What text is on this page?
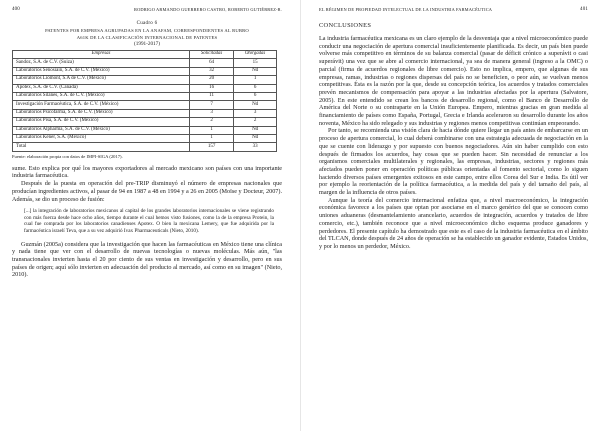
400	RODRIGO ARMANDO GUERRERO CASTRO, ROBERTO GUTIÉRREZ-R.
Cuadro 6
PATENTES POR EMPRESA AGRUPADAS EN LA ANAFAM, CORRESPONDIENTES AL RUBRO
A61K DE LA CLASIFICACIÓN INTERNACIONAL DE PATENTES
(1991-2017)
Empresas	Solicitadas	Otorgadas
Sandoz, S.A. de C.V. (Suiza)	64	15
Laboratorios Senosiain, S.A. de C.V. (México)	32	Nd
Laboratorios Liomont, S.A de C.V. (México)	20	1
Apotex, S.A. de C.V. (Canadá)	16	6
Laboratorios Silanes, S.A. de C.V. (México)	11	6
Investigación Farmacéutica, S.A. de C.V. (México)	7	Nd
Laboratorios Psicofarma, S.A. de C.V. (México)	3	3
Laboratorios Pisa, S.A. de C.V. (México)	2	2
Laboratorios Alpharma, S.A. de C.V. (México)	1	Nd
Laboratorios Kener, S.A. (México)	1	Nd
Total	157	33
Fuente: elaboración propia con datos de IMPI-SIGA (2017).

sume. Esto explica por qué los mayores exportadores al mercado mexicano son países con una importante industria farmacéutica.

Después de la puesta en operación del pre-TRIP disminuyó el número de empresas nacionales que producían ingredientes activos, al pasar de 94 en 1987 a 48 en 1994 y a 26 en 2005 (Moïse y Docteur, 2007). Además, se dio un proceso de fusión:

[...] la integración de laboratorios mexicanos al capital de los grandes laboratorios internacionales se viene registrando con más fuerza desde hace ocho años, tiempo durante el cual hemos visto fusiones, como la de la empresa Protein, la cual fue comprada por los laboratorios canadienses Apotex. O bien la mexicana Lemery, que fue adquirida por la farmacéutica israelí Teva, que a su vez adquirió Ivax Pharmaceuticals (Nieto, 2010).

Guzmán (2005a) considera que la investigación que hacen las farmacéuticas en México tiene una clínica y nada tiene que ver con el desarrollo de nuevas tecnologías o nuevas moléculas. Más aún, "las transnacionales invierten hasta el 20 por ciento de sus ventas en investigación y desarrollo, pero en sus países de origen; aquí sólo invierten en adecuación del producto al mercado, así como en su imagen" (Nieto, 2010).

EL RÉGIMEN DE PROPIEDAD INTELECTUAL DE LA INDUSTRIA FARMACÉUTICA	401
CONCLUSIONES

La industria farmacéutica mexicana es un claro ejemplo de la desventaja que a nivel microeconómico puede conducir una negociación de apertura comercial insuficientemente planificada. Es decir, un país bien puede volverse más competitivo en términos de su balanza comercial (pasar de déficit crónico a superávit o casi superávit) una vez que se abre al comercio internacional, ya sea de manera general (ingreso a la OMC) o parcial (firma de acuerdos regionales de libre comercio). Esto no implica, empero, que algunas de sus empresas, ramas, industrias o regiones dispersas del país no se beneficien, o peor aún, se vuelvan menos competitivas. Ésta es la razón por la que, desde su concepción teórica, los acuerdos y tratados comerciales prevén mecanismos de compensación para apoyar a las industrias afectadas por la apertura (Salvatore, 2005). En este entendido se crean los bancos de desarrollo regional, como el Banco de Desarrollo de América del Norte o su contraparte en la Unión Europea. Empero, mientras gracias en gran medida al financiamiento de países como España, Portugal, Grecia e Irlanda aceleraron su desarrollo durante los años noventa, México ha sido relegado y sus industrias y regiones menos competitivas continúan empeorando.

Por tanto, se recomienda una visión clara de hacia dónde quiere llegar un país antes de embarcarse en un proceso de apertura comercial, lo cual deberá combinarse con una estrategia adecuada de negociación en la que se cuente con liderazgo y por supuesto con buenos negociadores. Aún sin haber cumplido con esto después de firmados los acuerdos, hay cosas que se pueden hacer. Sin necesidad de renunciar a los organismos comerciales multilaterales y regionales, las empresas, industrias, sectores y regiones más afectados pueden poner en operación políticas públicas orientadas al fomento sectorial, como lo siguen haciendo diversos países emergentes exitosos en este campo, entre ellos Corea del Sur e India. Es útil ver por ejemplo la reorientación de la política farmacéutica, a la medida del país y del tamaño del país, al margen de la influencia de otros países.

Aunque la teoría del comercio internacional enfatiza que, a nivel macroeconómico, la integración económica favorece a los países que optan por asociarse en el marco genérico del que se conocen como uniones aduaneras (desmantelamiento arancelario, acuerdos de integración, acuerdos y tratados de libre comercio, etc.), también reconoce que a nivel microeconómico dicho esquema produce ganadores y perdedores. El presente capítulo ha demostrado que este es el caso de la industria farmacéutica en el ámbito del TLCAN, donde después de 24 años de operación se ha establecido un ganador evidente, Estados Unidos, y por lo menos un perdedor, México.
